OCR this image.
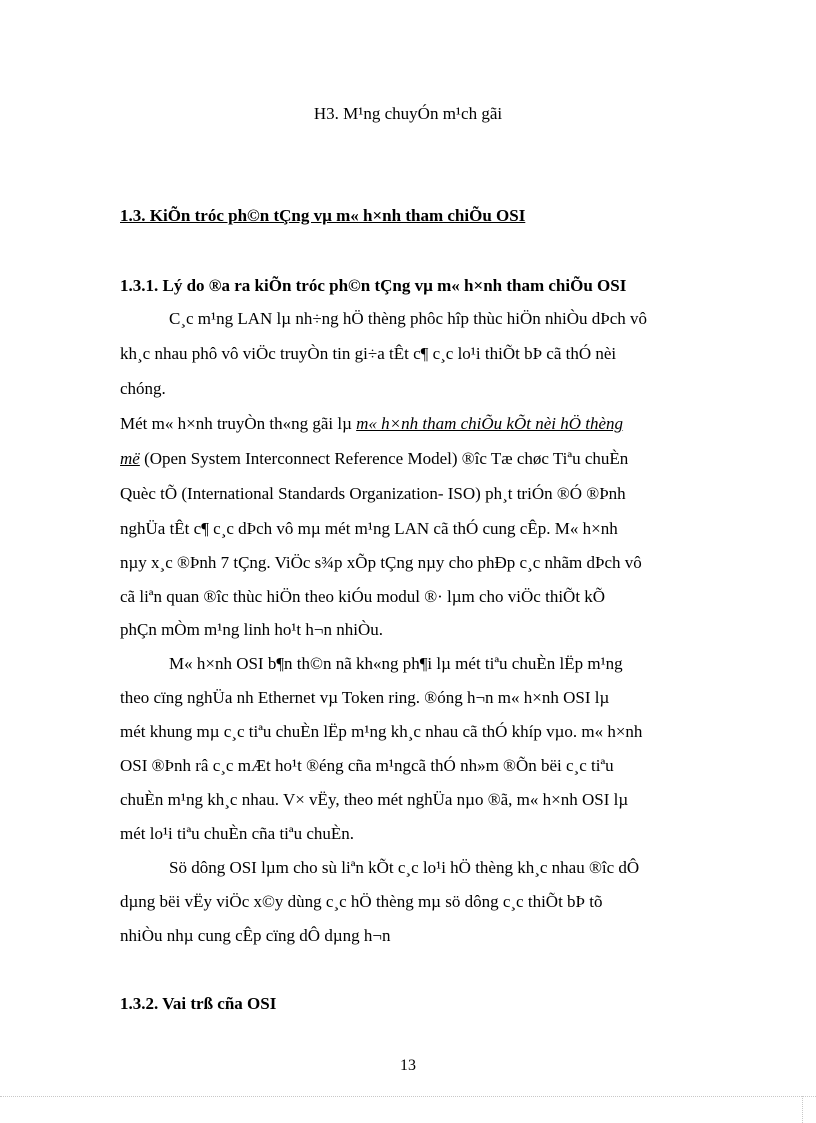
H3. M¹ng chuyÓn m¹ch gãi
1.3. KiÕn tróc ph©n tÇng vµ m« h×nh tham chiÕu OSI
1.3.1. Lý do ®a ra kiÕn tróc ph©n tÇng vµ m« h×nh tham chiÕu OSI
C¸c m¹ng LAN lµ nh÷ng hÖ thèng phôc hîp thùc hiÖn nhiÒu dÞch vô
kh¸c nhau phô vô viÖc truyÒn tin gi÷a tÊt c¶ c¸c lo¹i thiÕt bÞ cã thÓ nèi
chóng.
Mét m« h×nh truyÒn th«ng gãi lµ m« h×nh tham chiÕu kÕt nèi hÖ thèng
më (Open System Interconnect Reference Model) ®îc Tæ chøc Tiªu chuÈn
Quèc tÕ (International Standards Organization- ISO) ph¸t triÓn ®Ó ®Þnh
nghÜa tÊt c¶ c¸c dÞch vô mµ mét m¹ng LAN cã thÓ cung cÊp. M« h×nh
nµy x¸c ®Þnh 7 tÇng. ViÖc s¾p xÕp tÇng nµy cho phÐp c¸c nhãm dÞch vô
cã liªn quan ®îc thùc hiÖn theo kiÓu modul ®· lµm cho viÖc thiÕt kÕ
phÇn mÒm m¹ng linh ho¹t h¬n nhiÒu.
M« h×nh OSI b¶n th©n nã kh«ng ph¶i lµ mét tiªu chuÈn lËp m¹ng
theo cïng nghÜa nh Ethernet vµ Token ring. ®óng h¬n m« h×nh OSI lµ
mét khung mµ c¸c tiªu chuÈn lËp m¹ng kh¸c nhau cã thÓ khíp vµo. m« h×nh
OSI ®Þnh râ c¸c mÆt ho¹t ®éng cña m¹ngcã thÓ nh»m ®Õn bëi c¸c tiªu
chuÈn m¹ng kh¸c nhau. V× vËy, theo mét nghÜa nµo ®ã, m« h×nh OSI lµ
mét lo¹i tiªu chuÈn cña tiªu chuÈn.
Sö dông OSI lµm cho sù liªn kÕt c¸c lo¹i hÖ thèng kh¸c nhau ®îc dÔ
dµng bëi vËy viÖc x©y dùng c¸c hÖ thèng mµ sö dông c¸c thiÕt bÞ tõ
nhiÒu nhµ cung cÊp cïng dÔ dµng h¬n
1.3.2. Vai trß cña OSI
13
